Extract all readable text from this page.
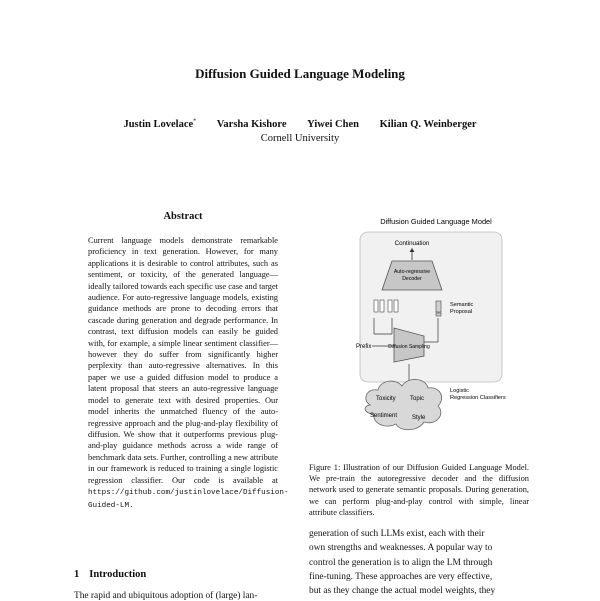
Diffusion Guided Language Modeling
Justin Lovelace* Varsha Kishore Yiwei Chen Kilian Q. Weinberger
Cornell University
Abstract
Current language models demonstrate remarkable proficiency in text generation. However, for many applications it is desirable to control attributes, such as sentiment, or toxicity, of the generated language—ideally tailored towards each specific use case and target audience. For auto-regressive language models, existing guidance methods are prone to decoding errors that cascade during generation and degrade performance. In contrast, text diffusion models can easily be guided with, for example, a simple linear sentiment classifier—however they do suffer from significantly higher perplexity than auto-regressive alternatives. In this paper we use a guided diffusion model to produce a latent proposal that steers an auto-regressive language model to generate text with desired properties. Our model inherits the unmatched fluency of the auto-regressive approach and the plug-and-play flexibility of diffusion. We show that it outperforms previous plug-and-play guidance methods across a wide range of benchmark data sets. Further, controlling a new attribute in our framework is reduced to training a single logistic regression classifier. Our code is available at https://github.com/justinlovelace/Diffusion-Guided-LM.
1 Introduction
The rapid and ubiquitous adoption of (large) lan-
Diffusion Guided Language Model
Continuation
Auto-regressive Decoder
Semantic Proposal
Prefix	Diffusion Sampling
Toxicity Topic
Sentiment Style
Logistic Regression Classifiers
Figure 1: Illustration of our Diffusion Guided Language Model. We pre-train the autoregressive decoder and the diffusion network used to generate semantic proposals. During generation, we can perform plug-and-play control with simple, linear attribute classifiers.
generation of such LLMs exist, each with their
own strengths and weaknesses. A popular way to
control the generation is to align the LM through
fine-tuning. These approaches are very effective,
but as they change the actual model weights, they
